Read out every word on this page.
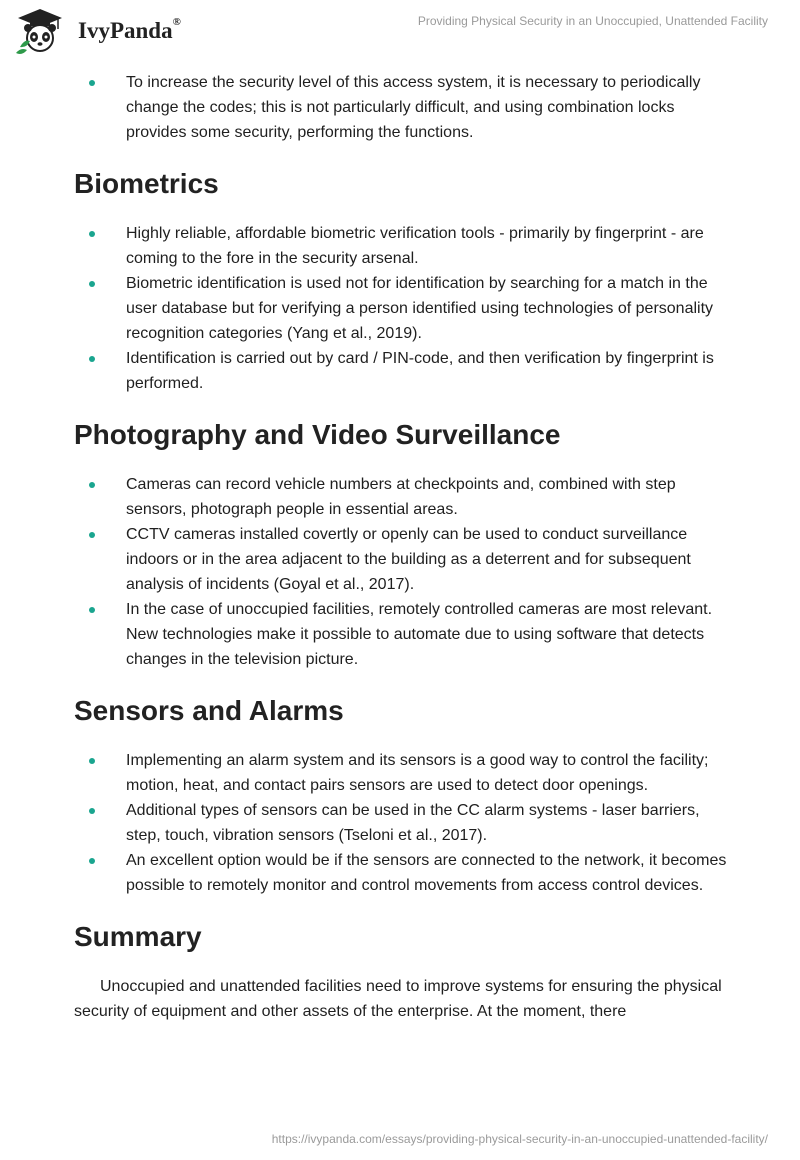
IvyPanda®	Providing Physical Security in an Unoccupied, Unattended Facility
To increase the security level of this access system, it is necessary to periodically change the codes; this is not particularly difficult, and using combination locks provides some security, performing the functions.
Biometrics
Highly reliable, affordable biometric verification tools - primarily by fingerprint - are coming to the fore in the security arsenal.
Biometric identification is used not for identification by searching for a match in the user database but for verifying a person identified using technologies of personality recognition categories (Yang et al., 2019).
Identification is carried out by card / PIN-code, and then verification by fingerprint is performed.
Photography and Video Surveillance
Cameras can record vehicle numbers at checkpoints and, combined with step sensors, photograph people in essential areas.
CCTV cameras installed covertly or openly can be used to conduct surveillance indoors or in the area adjacent to the building as a deterrent and for subsequent analysis of incidents (Goyal et al., 2017).
In the case of unoccupied facilities, remotely controlled cameras are most relevant. New technologies make it possible to automate due to using software that detects changes in the television picture.
Sensors and Alarms
Implementing an alarm system and its sensors is a good way to control the facility; motion, heat, and contact pairs sensors are used to detect door openings.
Additional types of sensors can be used in the CC alarm systems - laser barriers, step, touch, vibration sensors (Tseloni et al., 2017).
An excellent option would be if the sensors are connected to the network, it becomes possible to remotely monitor and control movements from access control devices.
Summary

Unoccupied and unattended facilities need to improve systems for ensuring the physical security of equipment and other assets of the enterprise. At the moment, there

https://ivypanda.com/essays/providing-physical-security-in-an-unoccupied-unattended-facility/
